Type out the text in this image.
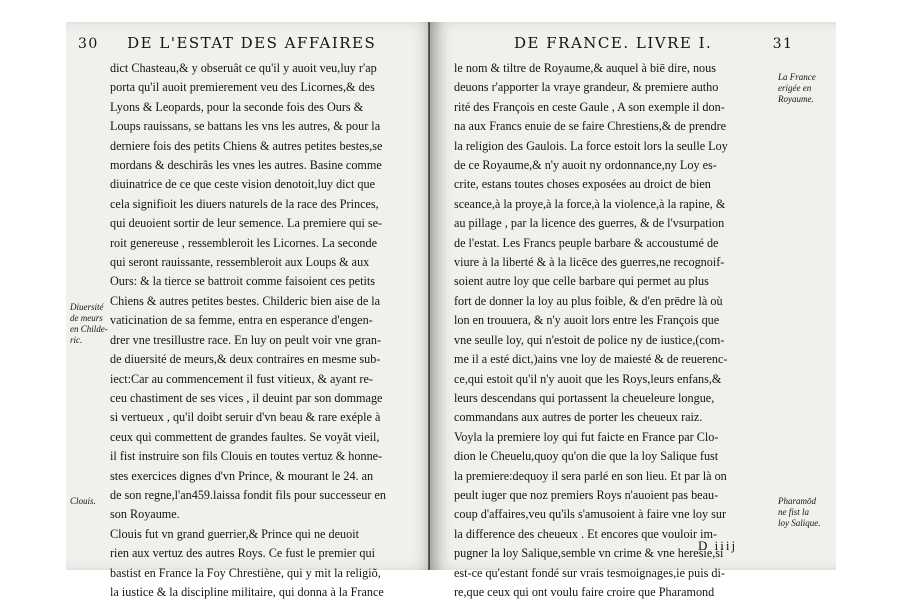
30 DE L'ESTAT DES AFFAIRES
dict Chasteau,& y obseruât ce qu'il y auoit veu,luy r'ap
porta qu'il auoit premierement veu des Licornes,& des
Lyons & Leopards, pour la seconde fois des Ours &
Loups rauissans, se battans les vns les autres, & pour la
derniere fois des petits Chiens & autres petites bestes,se
mordans & deschirâs les vnes les autres. Basine comme
diuinatrice de ce que ceste vision denotoit,luy dict que
cela signifioit les diuers naturels de la race des Princes,
qui deuoient sortir de leur semence. La premiere qui se-
roit genereuse , ressembleroit les Licornes. La seconde
qui seront rauissante, ressembleroit aux Loups & aux
Ours: & la tierce se battroit comme faisoient ces petits
Chiens & autres petites bestes. Childeric bien aise de la
vaticination de sa femme, entra en esperance d'engen-
drer vne tresillustre race. En luy on peult voir vne gran-
de diuersité de meurs,& deux contraires en mesme sub-
iect:Car au commencement il fust vitieux, & ayant re-
ceu chastiment de ses vices , il deuint par son dommage
si vertueux , qu'il doibt seruir d'vn beau & rare exéple à
ceux qui commettent de grandes faultes. Se voyât vieil,
il fist instruire son fils Clouis en toutes vertuz & honne-
stes exercices dignes d'vn Prince, & mourant le 24. an
de son regne,l'an459.laissa fondit fils pour successeur en
son Royaume.
Clouis fut vn grand guerrier,& Prince qui ne deuoit
rien aux vertuz des autres Roys. Ce fust le premier qui
bastist en France la Foy Chrestiène, qui y mit la religiõ,
la iustice & la discipline militaire, qui donna à la France
Diuersité
de meurs
en Childe-
ric.
Clouis.
DE FRANCE. LIVRE I.	31
le nom & tiltre de Royaume,& auquel à biē dire, nous
deuons r'apporter la vraye grandeur, & premiere autho
rité des François en ceste Gaule , A son exemple il don-
na aux Francs enuie de se faire Chrestiens,& de prendre
la religion des Gaulois. La force estoit lors la seulle Loy
de ce Royaume,& n'y auoit ny ordonnance,ny Loy es-
crite, estans toutes choses exposées au droict de bien
sceance,à la proye,à la force,à la violence,à la rapine, &
au pillage , par la licence des guerres, & de l'vsurpation
de l'estat. Les Francs peuple barbare & accoustumé de
viure à la liberté & à la licēce des guerres,ne recognoif-
soient autre loy que celle barbare qui permet au plus
fort de donner la loy au plus foible, & d'en prēdre là où
lon en trouuera, & n'y auoit lors entre les François que
vne seulle loy, qui n'estoit de police ny de iustice,(com-
me il a esté dict,)ains vne loy de maiesté & de reuerenc-
ce,qui estoit qu'il n'y auoit que les Roys,leurs enfans,&
leurs descendans qui portassent la cheueleure longue,
commandans aux autres de porter les cheueux raiz.
Voyla la premiere loy qui fut faicte en France par Clo-
dion le Cheuelu,quoy qu'on die que la loy Salique fust
la premiere:dequoy il sera parlé en son lieu. Et par là on
peult iuger que noz premiers Roys n'auoient pas beau-
coup d'affaires,veu qu'ils s'amusoient à faire vne loy sur
la difference des cheueux . Et encores que vouloir im-
pugner la loy Salique,semble vn crime & vne heresie,si
est-ce qu'estant fondé sur vrais tesmoignages,ie puis di-
re,que ceux qui ont voulu faire croire que Pharamond
La France
erigée en
Royaume.
Pharamōd
ne fist la
loy Salique.
D iiij
